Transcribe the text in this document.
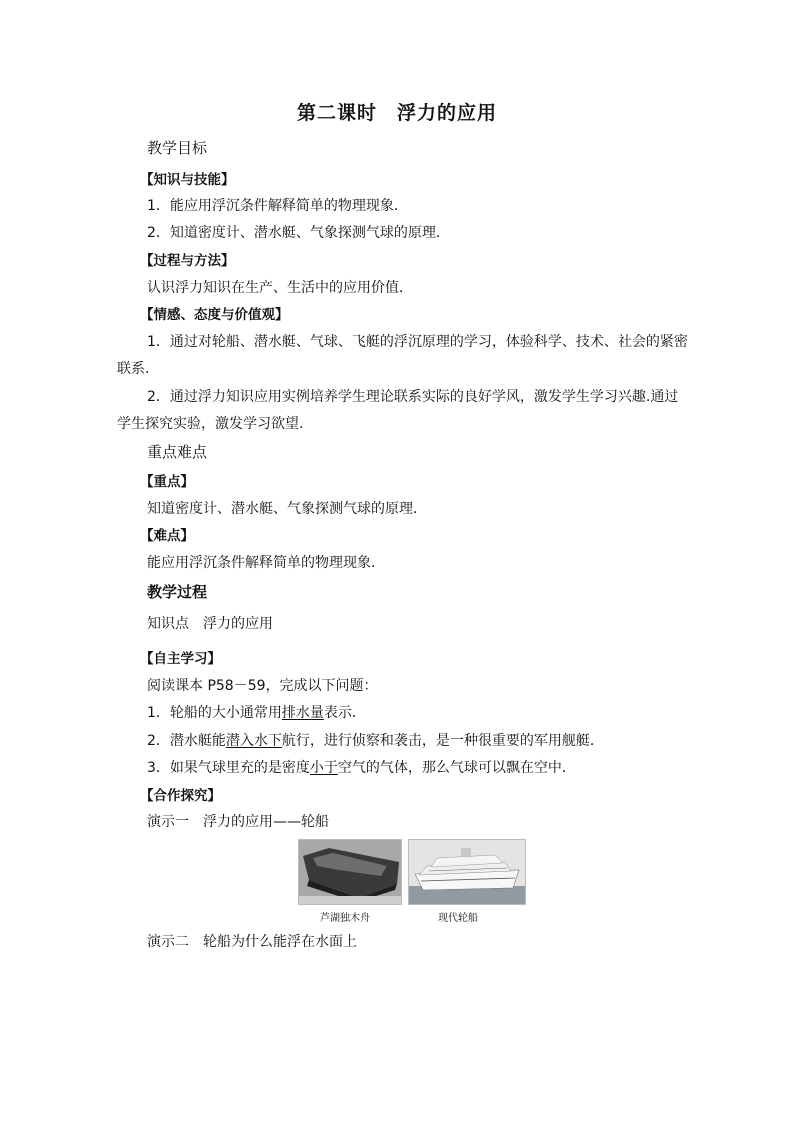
第二课时　浮力的应用
教学目标
【知识与技能】
1．能应用浮沉条件解释简单的物理现象．
2．知道密度计、潜水艇、气象探测气球的原理．
【过程与方法】
认识浮力知识在生产、生活中的应用价值．
【情感、态度与价值观】
1．通过对轮船、潜水艇、气球、飞艇的浮沉原理的学习，体验科学、技术、社会的紧密
联系．
2．通过浮力知识应用实例培养学生理论联系实际的良好学风，激发学生学习兴趣.通过
学生探究实验，激发学习欲望.
重点难点
【重点】
知道密度计、潜水艇、气象探测气球的原理．
【难点】
能应用浮沉条件解释简单的物理现象.
教学过程
知识点　浮力的应用
【自主学习】
阅读课本 P58－59，完成以下问题：
1．轮船的大小通常用排水量表示．
2．潜水艇能潜入水下航行，进行侦察和袭击，是一种很重要的军用舰艇．
3．如果气球里充的是密度小于空气的气体，那么气球可以飘在空中．
【合作探究】
演示一　浮力的应用——轮船
芦湖独木舟	现代轮船
演示二　轮船为什么能浮在水面上
